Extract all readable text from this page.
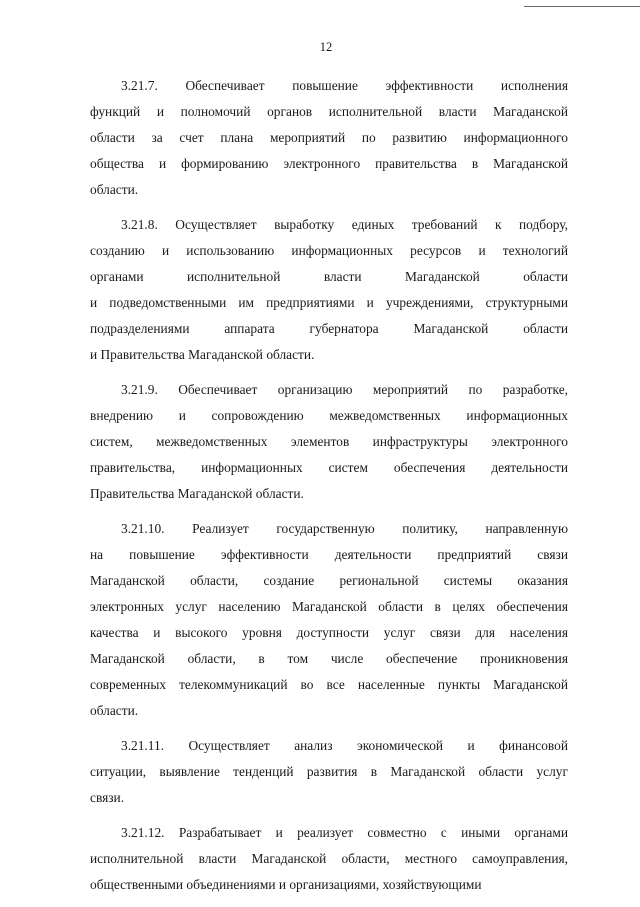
12

3.21.7. Обеспечивает повышение эффективности исполнения
функций и полномочий органов исполнительной власти Магаданской
области за счет плана мероприятий по развитию информационного
общества и формированию электронного правительства в Магаданской
области.

3.21.8. Осуществляет выработку единых требований к подбору,
созданию и использованию информационных ресурсов и технологий
органами исполнительной власти Магаданской области
и подведомственными им предприятиями и учреждениями, структурными
подразделениями аппарата губернатора Магаданской области
и Правительства Магаданской области.

3.21.9. Обеспечивает организацию мероприятий по разработке,
внедрению и сопровождению межведомственных информационных
систем, межведомственных элементов инфраструктуры электронного
правительства, информационных систем обеспечения деятельности
Правительства Магаданской области.

3.21.10. Реализует государственную политику, направленную
на повышение эффективности деятельности предприятий связи
Магаданской области, создание региональной системы оказания
электронных услуг населению Магаданской области в целях обеспечения
качества и высокого уровня доступности услуг связи для населения
Магаданской области, в том числе обеспечение проникновения
современных телекоммуникаций во все населенные пункты Магаданской
области.

3.21.11. Осуществляет анализ экономической и финансовой
ситуации, выявление тенденций развития в Магаданской области услуг
связи.

3.21.12. Разрабатывает и реализует совместно с иными органами
исполнительной власти Магаданской области, местного самоуправления,
общественными объединениями и организациями, хозяйствующими
